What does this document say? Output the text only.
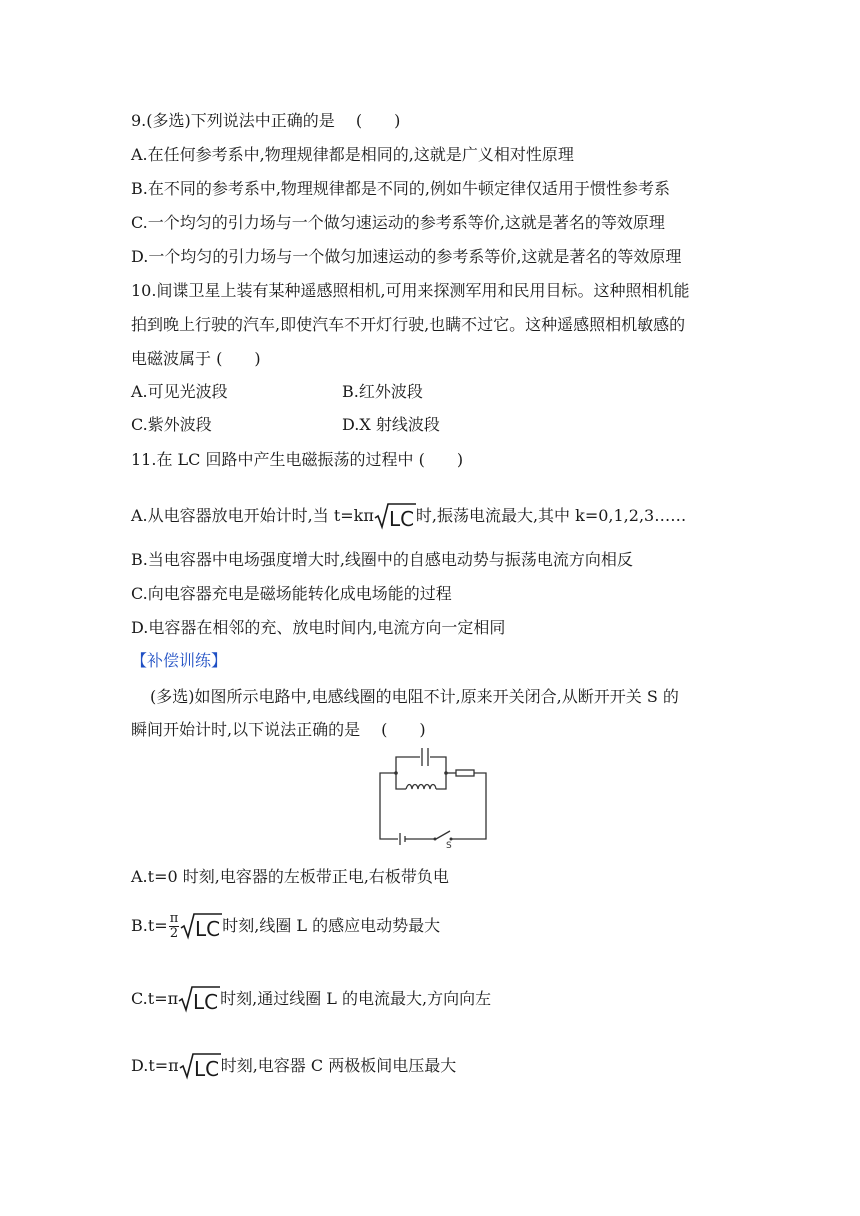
9.(多选)下列说法中正确的是　 (　　)
A.在任何参考系中,物理规律都是相同的,这就是广义相对性原理
B.在不同的参考系中,物理规律都是不同的,例如牛顿定律仅适用于惯性参考系
C.一个均匀的引力场与一个做匀速运动的参考系等价,这就是著名的等效原理
D.一个均匀的引力场与一个做匀加速运动的参考系等价,这就是著名的等效原理
10.间谍卫星上装有某种遥感照相机,可用来探测军用和民用目标。这种照相机能
拍到晚上行驶的汽车,即使汽车不开灯行驶,也瞒不过它。这种遥感照相机敏感的
电磁波属于 (　　)
A.可见光波段	B.红外波段
C.紫外波段	D.X 射线波段
11.在 LC 回路中产生电磁振荡的过程中 (　　)
A.从电容器放电开始计时,当 t=kπ LC 时,振荡电流最大,其中 k=0,1,2,3……
B.当电容器中电场强度增大时,线圈中的自感电动势与振荡电流方向相反
C.向电容器充电是磁场能转化成电场能的过程
D.电容器在相邻的充、放电时间内,电流方向一定相同
【补偿训练】
(多选)如图所示电路中,电感线圈的电阻不计,原来开关闭合,从断开开关 S 的
瞬间开始计时,以下说法正确的是　 (　　)
S
A.t=0 时刻,电容器的左板带正电,右板带负电
$B.t= \frac{\pi}{2}$ LC 时刻,线圈 L 的感应电动势最大
C.t=π LC 时刻,通过线圈 L 的电流最大,方向向左
D.t=π LC 时刻,电容器 C 两极板间电压最大
